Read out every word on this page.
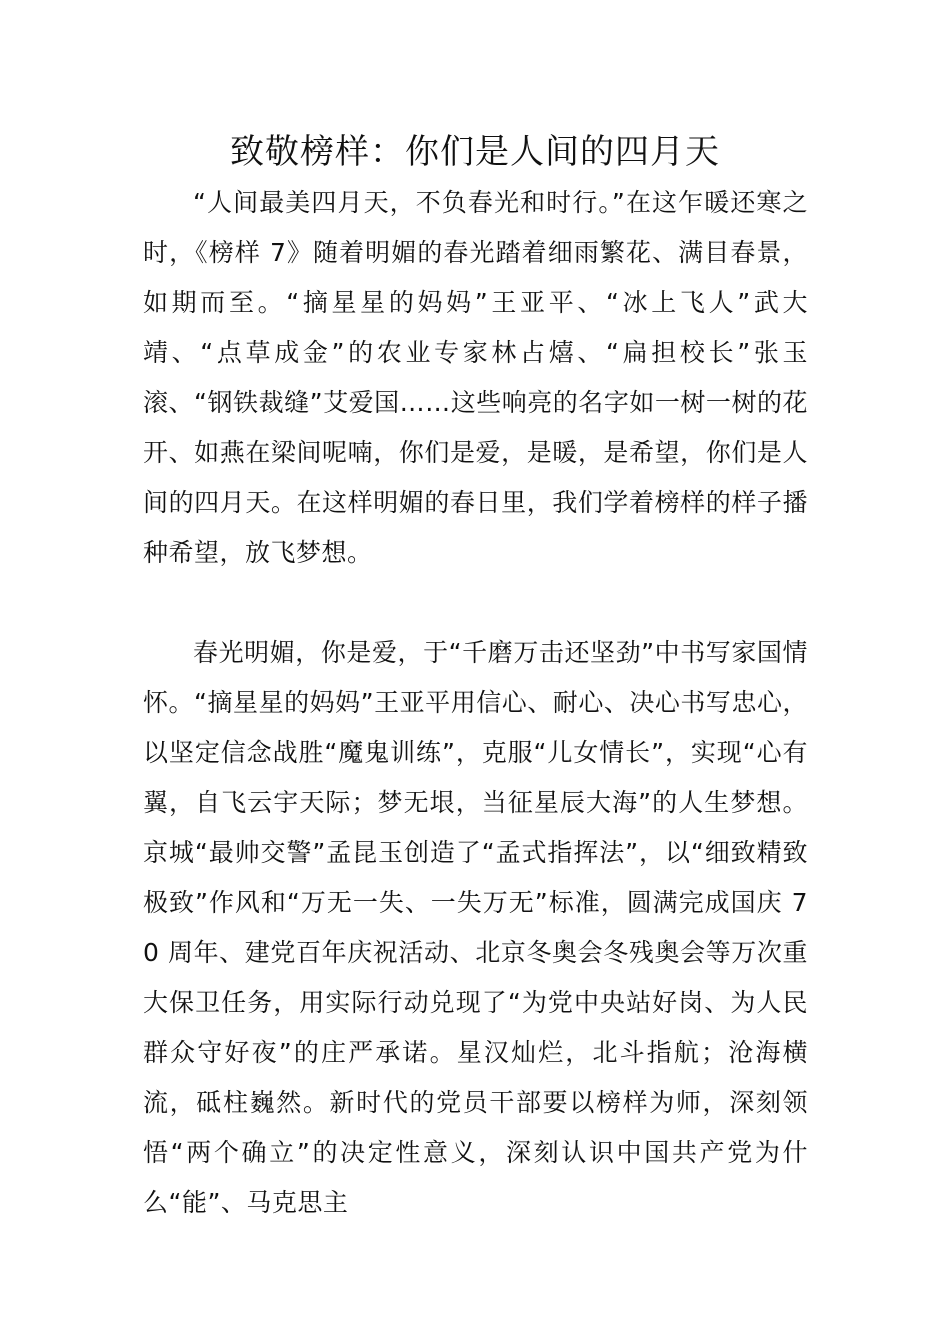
致敬榜样：你们是人间的四月天

“人间最美四月天，不负春光和时行。”在这乍暖还寒之时，《榜样 7》随着明媚的春光踏着细雨繁花、满目春景，如期而至。“摘星星的妈妈”王亚平、“冰上飞人”武大靖、“点草成金”的农业专家林占熺、“扁担校长”张玉滚、“钢铁裁缝”艾爱国……这些响亮的名字如一树一树的花开、如燕在梁间呢喃，你们是爱，是暖，是希望，你们是人间的四月天。在这样明媚的春日里，我们学着榜样的样子播种希望，放飞梦想。

春光明媚，你是爱，于“千磨万击还坚劲”中书写家国情怀。“摘星星的妈妈”王亚平用信心、耐心、决心书写忠心，以坚定信念战胜“魔鬼训练”，克服“儿女情长”，实现“心有翼，自飞云宇天际；梦无垠，当征星辰大海”的人生梦想。京城“最帅交警”孟昆玉创造了“孟式指挥法”，以“细致精致极致”作风和“万无一失、一失万无”标准，圆满完成国庆 70 周年、建党百年庆祝活动、北京冬奥会冬残奥会等万次重大保卫任务，用实际行动兑现了“为党中央站好岗、为人民群众守好夜”的庄严承诺。星汉灿烂，北斗指航；沧海横流，砥柱巍然。新时代的党员干部要以榜样为师，深刻领悟“两个确立”的决定性意义，深刻认识中国共产党为什么“能”、马克思主
